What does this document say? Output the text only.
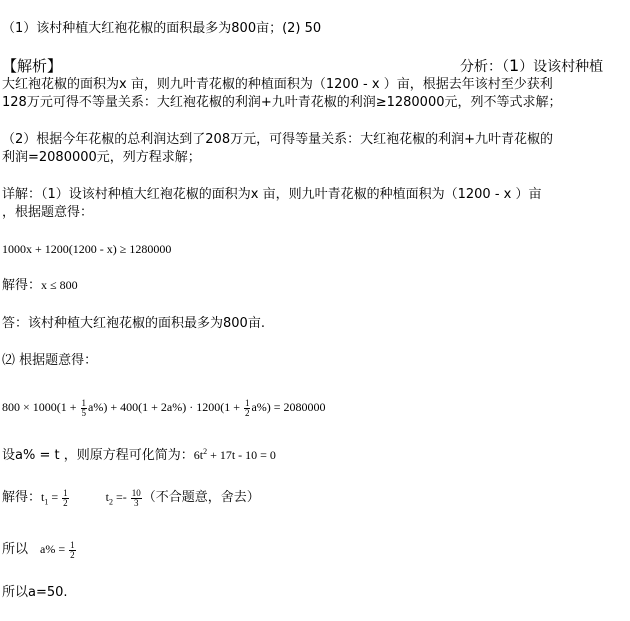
（1）该村种植大红袍花椒的面积最多为800亩；(2) 50
【解析】	分析：（1）设该村种植
大红袍花椒的面积为x 亩，则九叶青花椒的种植面积为（1200 - x ）亩，根据去年该村至少获利
128万元可得不等量关系：大红袍花椒的利润+九叶青花椒的利润≥1280000元，列不等式求解；
（2）根据今年花椒的总利润达到了208万元，可得等量关系：大红袍花椒的利润+九叶青花椒的
利润=2080000元，列方程求解；
详解：（1）设该村种植大红袍花椒的面积为x 亩，则九叶青花椒的种植面积为（1200 - x ）亩
，根据题意得：
1000x + 1200(1200 - x) ≥ 1280000
解得：x ≤ 800
答：该村种植大红袍花椒的面积最多为800亩.
⑵ 根据题意得：
$800 \times 1000(1 + \frac{1}{5} a\%) + 400(1 + 2a\%) \cdot 1200(1 + \frac{1}{2} a\%) = 2080000$
设a% = t ，则原方程可化简为：$6t^2 + 17t - 10 = 0$
解得：$t_1 = \frac{1}{2}$	$t_2 =- \frac{10}{3}$ （不合题意，舍去）
所以 $a\% = \frac{1}{2}$
所以a=50.
